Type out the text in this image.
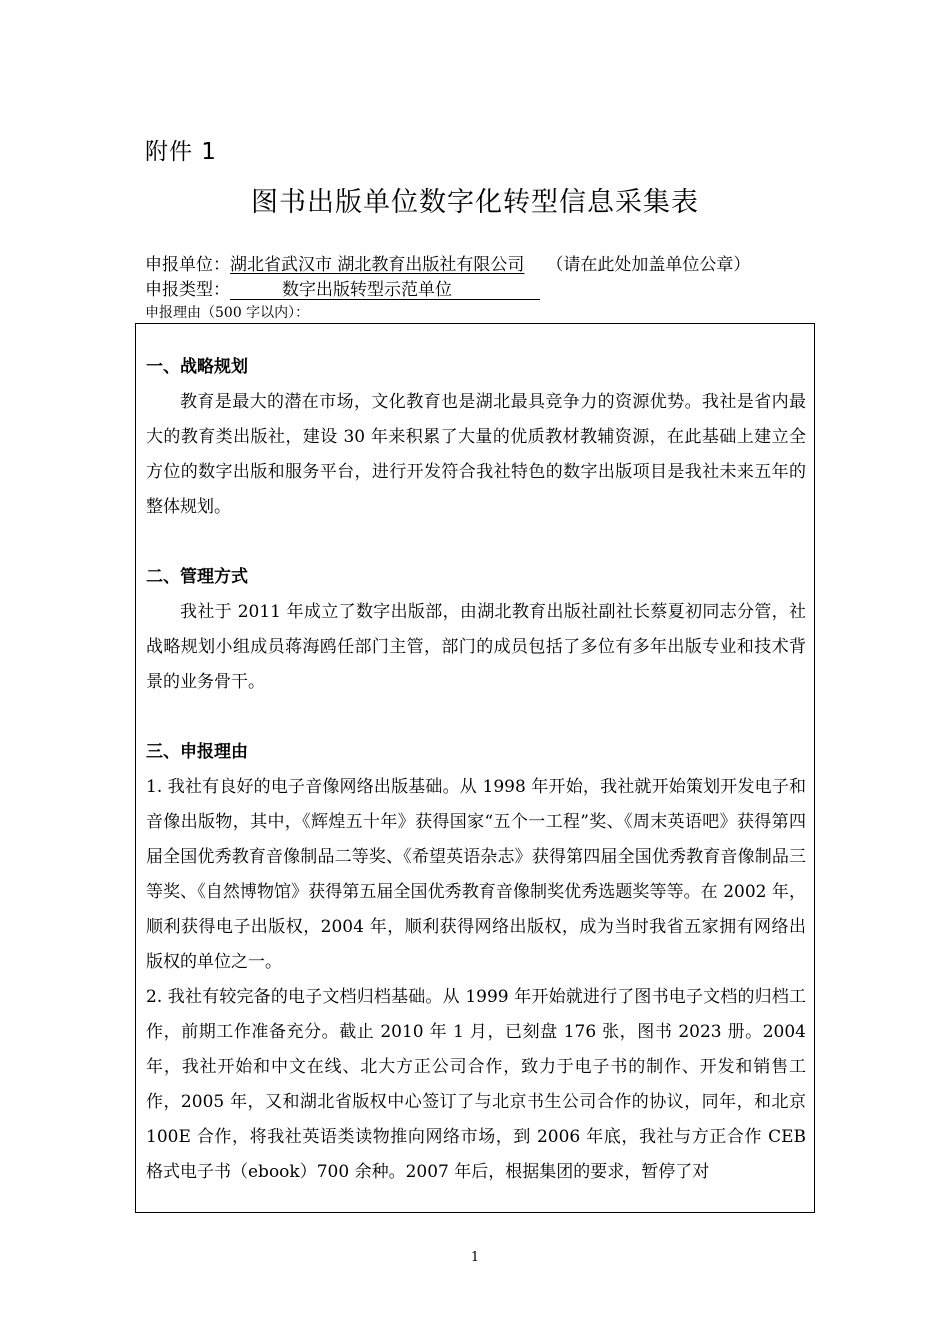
附件 1
图书出版单位数字化转型信息采集表
申报单位：湖北省武汉市 湖北教育出版社有限公司 （请在此处加盖单位公章）
申报类型：	数字出版转型示范单位
申报理由（500 字以内）：
一、战略规划

教育是最大的潜在市场，文化教育也是湖北最具竞争力的资源优势。我社是省内最大的教育类出版社，建设 30 年来积累了大量的优质教材教辅资源，在此基础上建立全方位的数字出版和服务平台，进行开发符合我社特色的数字出版项目是我社未来五年的整体规划。

二、管理方式

我社于 2011 年成立了数字出版部，由湖北教育出版社副社长蔡夏初同志分管，社战略规划小组成员蒋海鸥任部门主管，部门的成员包括了多位有多年出版专业和技术背景的业务骨干。

三、申报理由

1. 我社有良好的电子音像网络出版基础。从 1998 年开始，我社就开始策划开发电子和音像出版物，其中，《辉煌五十年》获得国家“五个一工程”奖、《周末英语吧》获得第四届全国优秀教育音像制品二等奖、《希望英语杂志》获得第四届全国优秀教育音像制品三等奖、《自然博物馆》获得第五届全国优秀教育音像制奖优秀选题奖等等。在 2002 年，顺利获得电子出版权，2004 年，顺利获得网络出版权，成为当时我省五家拥有网络出版权的单位之一。

2. 我社有较完备的电子文档归档基础。从 1999 年开始就进行了图书电子文档的归档工作，前期工作准备充分。截止 2010 年 1 月，已刻盘 176 张，图书 2023 册。2004 年，我社开始和中文在线、北大方正公司合作，致力于电子书的制作、开发和销售工作，2005 年，又和湖北省版权中心签订了与北京书生公司合作的协议，同年，和北京 100E 合作，将我社英语类读物推向网络市场，到 2006 年底，我社与方正合作 CEB 格式电子书（ebook）700 余种。2007 年后，根据集团的要求，暂停了对

1
